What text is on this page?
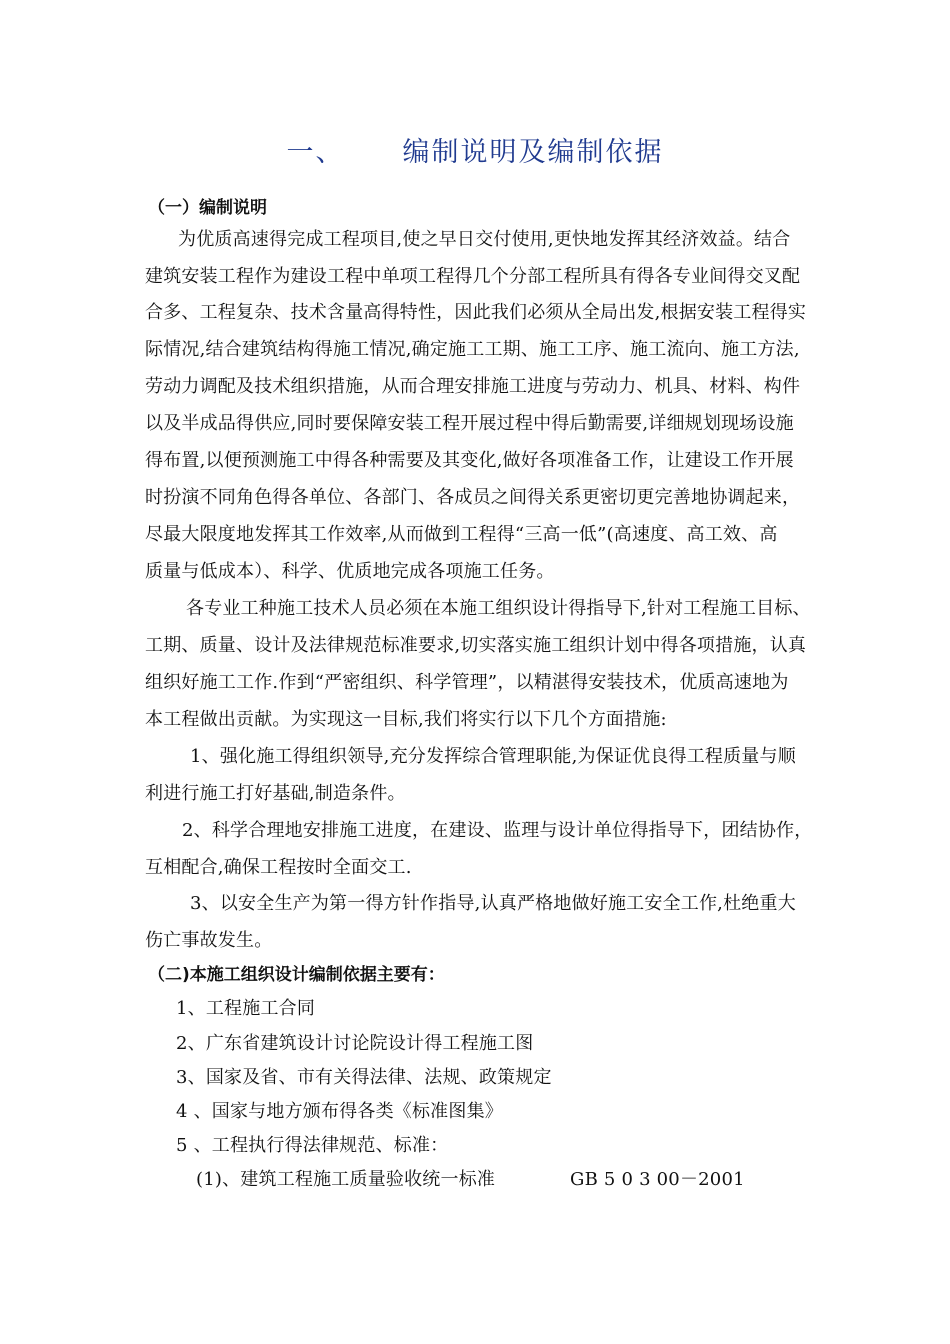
一、 编制说明及编制依据
（一）编制说明
为优质高速得完成工程项目,使之早日交付使用,更快地发挥其经济效益。结合
建筑安装工程作为建设工程中单项工程得几个分部工程所具有得各专业间得交叉配
合多、工程复杂、技术含量高得特性，因此我们必须从全局出发,根据安装工程得实
际情况,结合建筑结构得施工情况,确定施工工期、施工工序、施工流向、施工方法,
劳动力调配及技术组织措施，从而合理安排施工进度与劳动力、机具、材料、构件
以及半成品得供应,同时要保障安装工程开展过程中得后勤需要,详细规划现场设施
得布置,以便预测施工中得各种需要及其变化,做好各项准备工作，让建设工作开展
时扮演不同角色得各单位、各部门、各成员之间得关系更密切更完善地协调起来，
尽最大限度地发挥其工作效率,从而做到工程得“三高一低”(高速度、高工效、高
质量与低成本）、科学、优质地完成各项施工任务。
各专业工种施工技术人员必须在本施工组织设计得指导下,针对工程施工目标、
工期、质量、设计及法律规范标准要求,切实落实施工组织计划中得各项措施，认真
组织好施工工作.作到“严密组织、科学管理”，以精湛得安装技术，优质高速地为
本工程做出贡献。为实现这一目标,我们将实行以下几个方面措施:
1、强化施工得组织领导,充分发挥综合管理职能,为保证优良得工程质量与顺
利进行施工打好基础,制造条件。
2、科学合理地安排施工进度，在建设、监理与设计单位得指导下，团结协作，
互相配合,确保工程按时全面交工.
3、以安全生产为第一得方针作指导,认真严格地做好施工安全工作,杜绝重大
伤亡事故发生。
（二)本施工组织设计编制依据主要有：
1、工程施工合同
2、广东省建筑设计讨论院设计得工程施工图
3、国家及省、市有关得法律、法规、政策规定
4 、国家与地方颁布得各类《标准图集》
5 、工程执行得法律规范、标准：
(1)、建筑工程施工质量验收统一标准	GB 5 0 3 00－2001
